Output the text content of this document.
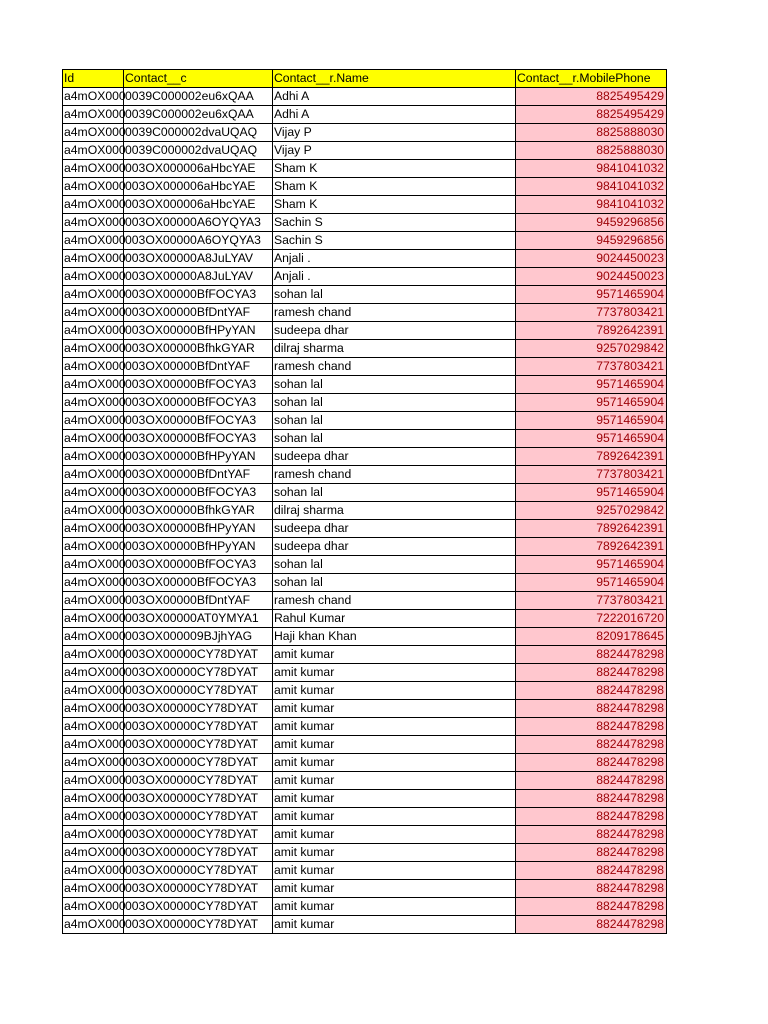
Id	Contact__c	Contact__r.Name	Contact__r.MobilePhone
a4mOX000	0039C000002eu6xQAA	Adhi A	8825495429
a4mOX000	0039C000002eu6xQAA	Adhi A	8825495429
a4mOX000	0039C000002dvaUQAQ	Vijay P	8825888030
a4mOX000	0039C000002dvaUQAQ	Vijay P	8825888030
a4mOX000	003OX000006aHbcYAE	Sham K	9841041032
a4mOX000	003OX000006aHbcYAE	Sham K	9841041032
a4mOX000	003OX000006aHbcYAE	Sham K	9841041032
a4mOX000	003OX00000A6OYQYA3	Sachin S	9459296856
a4mOX000	003OX00000A6OYQYA3	Sachin S	9459296856
a4mOX000	003OX00000A8JuLYAV	Anjali .	9024450023
a4mOX000	003OX00000A8JuLYAV	Anjali .	9024450023
a4mOX000	003OX00000BfFOCYA3	sohan lal	9571465904
a4mOX000	003OX00000BfDntYAF	ramesh chand	7737803421
a4mOX000	003OX00000BfHPyYAN	sudeepa dhar	7892642391
a4mOX000	003OX00000BfhkGYAR	dilraj sharma	9257029842
a4mOX000	003OX00000BfDntYAF	ramesh chand	7737803421
a4mOX000	003OX00000BfFOCYA3	sohan lal	9571465904
a4mOX000	003OX00000BfFOCYA3	sohan lal	9571465904
a4mOX000	003OX00000BfFOCYA3	sohan lal	9571465904
a4mOX000	003OX00000BfFOCYA3	sohan lal	9571465904
a4mOX000	003OX00000BfHPyYAN	sudeepa dhar	7892642391
a4mOX000	003OX00000BfDntYAF	ramesh chand	7737803421
a4mOX000	003OX00000BfFOCYA3	sohan lal	9571465904
a4mOX000	003OX00000BfhkGYAR	dilraj sharma	9257029842
a4mOX000	003OX00000BfHPyYAN	sudeepa dhar	7892642391
a4mOX000	003OX00000BfHPyYAN	sudeepa dhar	7892642391
a4mOX000	003OX00000BfFOCYA3	sohan lal	9571465904
a4mOX000	003OX00000BfFOCYA3	sohan lal	9571465904
a4mOX000	003OX00000BfDntYAF	ramesh chand	7737803421
a4mOX000	003OX00000AT0YMYA1	Rahul Kumar	7222016720
a4mOX000	003OX000009BJjhYAG	Haji khan Khan	8209178645
a4mOX000	003OX00000CY78DYAT	amit kumar	8824478298
a4mOX000	003OX00000CY78DYAT	amit kumar	8824478298
a4mOX000	003OX00000CY78DYAT	amit kumar	8824478298
a4mOX000	003OX00000CY78DYAT	amit kumar	8824478298
a4mOX000	003OX00000CY78DYAT	amit kumar	8824478298
a4mOX000	003OX00000CY78DYAT	amit kumar	8824478298
a4mOX000	003OX00000CY78DYAT	amit kumar	8824478298
a4mOX000	003OX00000CY78DYAT	amit kumar	8824478298
a4mOX000	003OX00000CY78DYAT	amit kumar	8824478298
a4mOX000	003OX00000CY78DYAT	amit kumar	8824478298
a4mOX000	003OX00000CY78DYAT	amit kumar	8824478298
a4mOX000	003OX00000CY78DYAT	amit kumar	8824478298
a4mOX000	003OX00000CY78DYAT	amit kumar	8824478298
a4mOX000	003OX00000CY78DYAT	amit kumar	8824478298
a4mOX000	003OX00000CY78DYAT	amit kumar	8824478298
a4mOX000	003OX00000CY78DYAT	amit kumar	8824478298
